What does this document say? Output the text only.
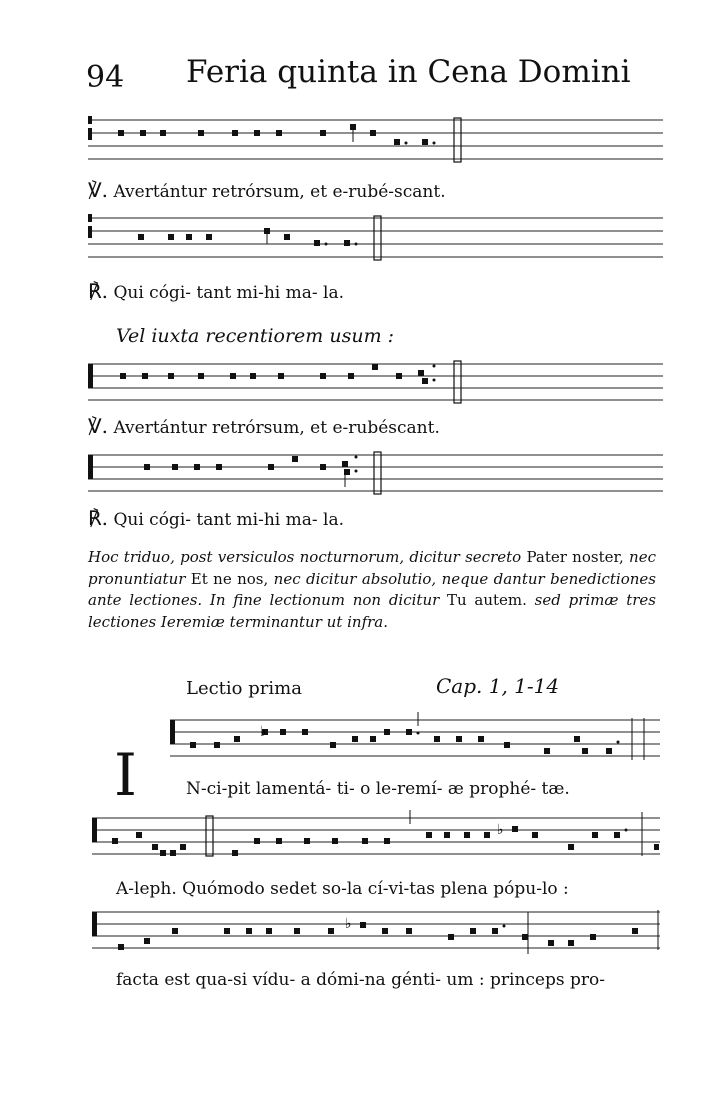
94 Feria quinta in Cena Domini
℣. Avertántur retrórsum, et e-rubé-scant.
℟. Qui cógi- tant mi-hi ma- la.
Vel iuxta recentiorem usum :
℣. Avertántur retrórsum, et e-rubéscant.
℟. Qui cógi- tant mi-hi ma- la.
Hoc triduo, post versiculos nocturnorum, dicitur secreto Pater noster, nec pronuntiatur Et ne nos, nec dicitur absolutio, neque dantur benedictiones ante lectiones. In fine lectionum non dicitur Tu autem. sed primæ tres lectiones Ieremiæ terminantur ut infra.
Lectio prima	Cap. 1, 1-14
♭
I	N-ci-pit lamentá- ti- o le-remí- æ prophé- tæ.
♭
A-leph. Quómodo sedet so-la cí-vi-tas plena pópu-lo :
♭
facta est qua-si vídu- a dómi-na génti- um : princeps pro-
